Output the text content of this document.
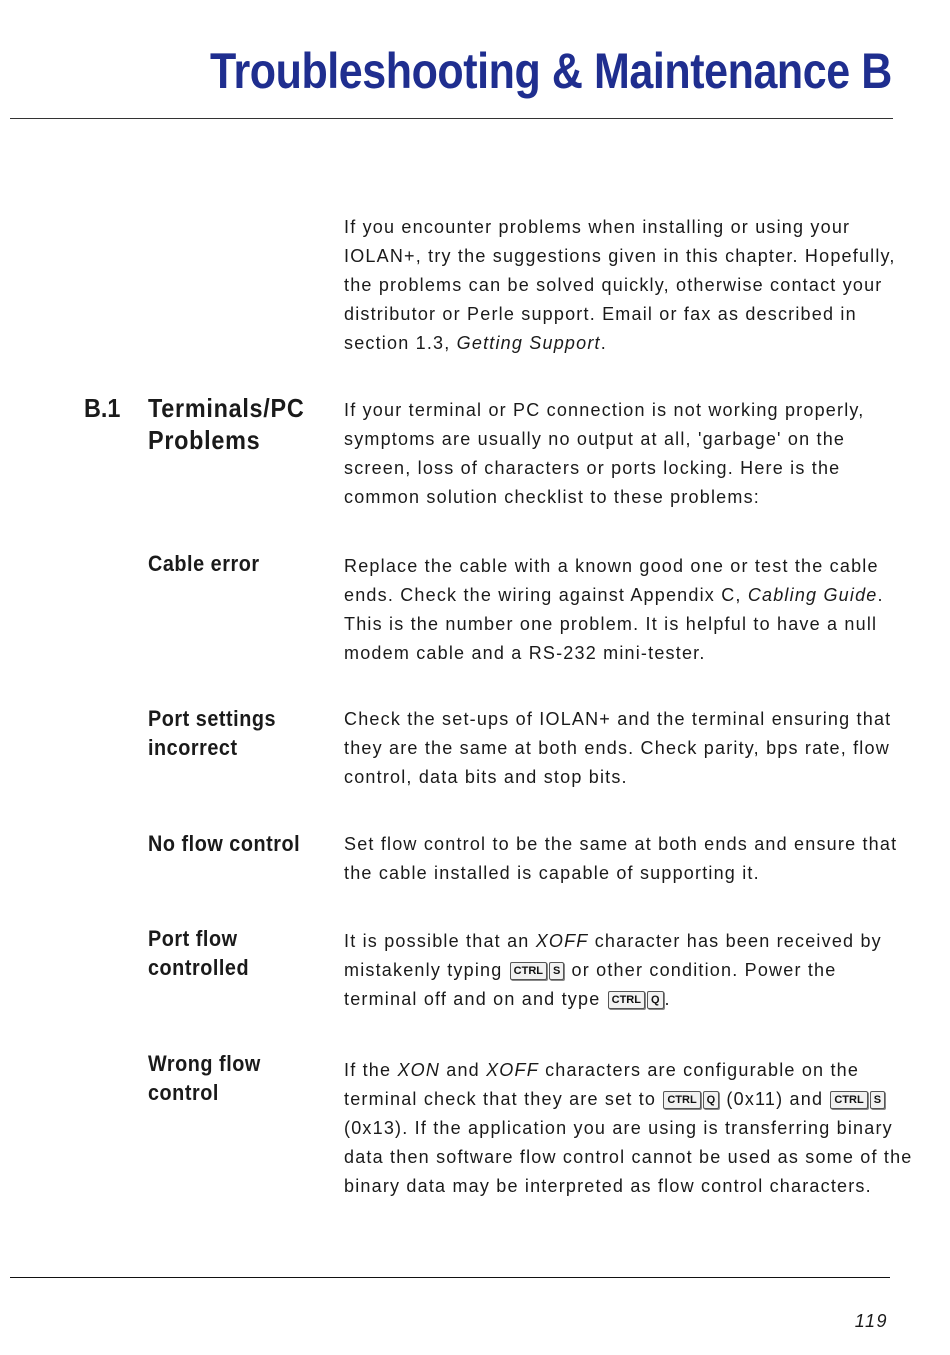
Troubleshooting & Maintenance B

If you encounter problems when installing or using your
IOLAN+, try the suggestions given in this chapter. Hopefully,
the problems can be solved quickly, otherwise contact your
distributor or Perle support. Email or fax as described in
section 1.3, Getting Support.

B.1 Terminals/PC
Problems

If your terminal or PC connection is not working properly,
symptoms are usually no output at all, 'garbage' on the
screen, loss of characters or ports locking. Here is the
common solution checklist to these problems:

Cable error	Replace the cable with a known good one or test the cable
ends. Check the wiring against Appendix C, Cabling Guide.
This is the number one problem. It is helpful to have a null
modem cable and a RS-232 mini-tester.

Port settings
incorrect

Check the set-ups of IOLAN+ and the terminal ensuring that
they are the same at both ends. Check parity, bps rate, flow
control, data bits and stop bits.

No flow control	Set flow control to be the same at both ends and ensure that
the cable installed is capable of supporting it.

Port flow
controlled

It is possible that an XOFF character has been received by
mistakenly typing CTRL S or other condition. Power the
terminal off and on and type CTRL Q .

Wrong flow
control

If the XON and XOFF characters are configurable on the
terminal check that they are set to CTRL Q (0x11) and CTRL S
(0x13). If the application you are using is transferring binary
data then software flow control cannot be used as some of the
binary data may be interpreted as flow control characters.

119
